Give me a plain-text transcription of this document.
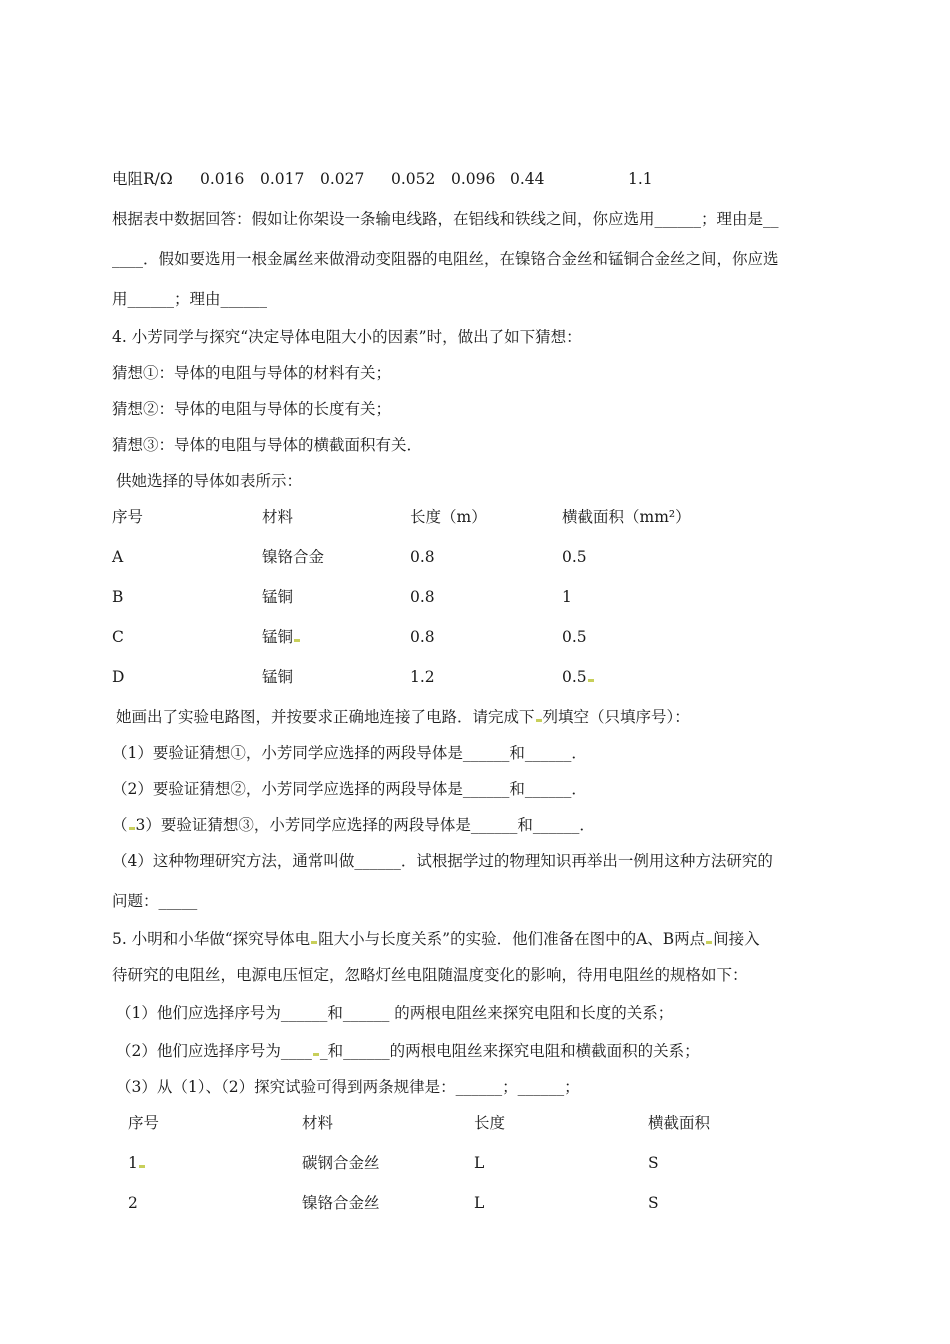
电阻R/Ω 0.016 0.017 0.027 0.052 0.096 0.44	1.1
根据表中数据回答：假如让你架设一条输电线路，在铝线和铁线之间，你应选用______；理由是__
____．假如要选用一根金属丝来做滑动变阻器的电阻丝，在镍铬合金丝和锰铜合金丝之间，你应选
用______；理由______
4. 小芳同学与探究“决定导体电阻大小的因素”时，做出了如下猜想：
猜想①：导体的电阻与导体的材料有关；
猜想②：导体的电阻与导体的长度有关；
猜想③：导体的电阻与导体的横截面积有关．
供她选择的导体如表所示：
序号	材料	长度（m）	横截面积（mm²）
A	镍铬合金	0.8	0.5
B	锰铜	0.8	1
C	锰铜	0.8	0.5
D	锰铜	1.2	0.5
她画出了实验电路图，并按要求正确地连接了电路．请完成下 列填空（只填序号）：
（1）要验证猜想①，小芳同学应选择的两段导体是______和______．
（2）要验证猜想②，小芳同学应选择的两段导体是______和______．
（ 3）要验证猜想③，小芳同学应选择的两段导体是______和______．
（4）这种物理研究方法，通常叫做______．试根据学过的物理知识再举出一例用这种方法研究的
问题：_____
5. 小明和小华做“探究导体电 阻大小与长度关系”的实验．他们准备在图中的A、B两点 间接入
待研究的电阻丝，电源电压恒定，忽略灯丝电阻随温度变化的影响，待用电阻丝的规格如下：
（1）他们应选择序号为______和______ 的两根电阻丝来探究电阻和长度的关系；
（2）他们应选择序号为____ _和______的两根电阻丝来探究电阻和横截面积的关系；
（3）从（1）、（2）探究试验可得到两条规律是：______；______；
序号	材料	长度	横截面积
1	碳钢合金丝	L	S
2	镍铬合金丝	L	S
